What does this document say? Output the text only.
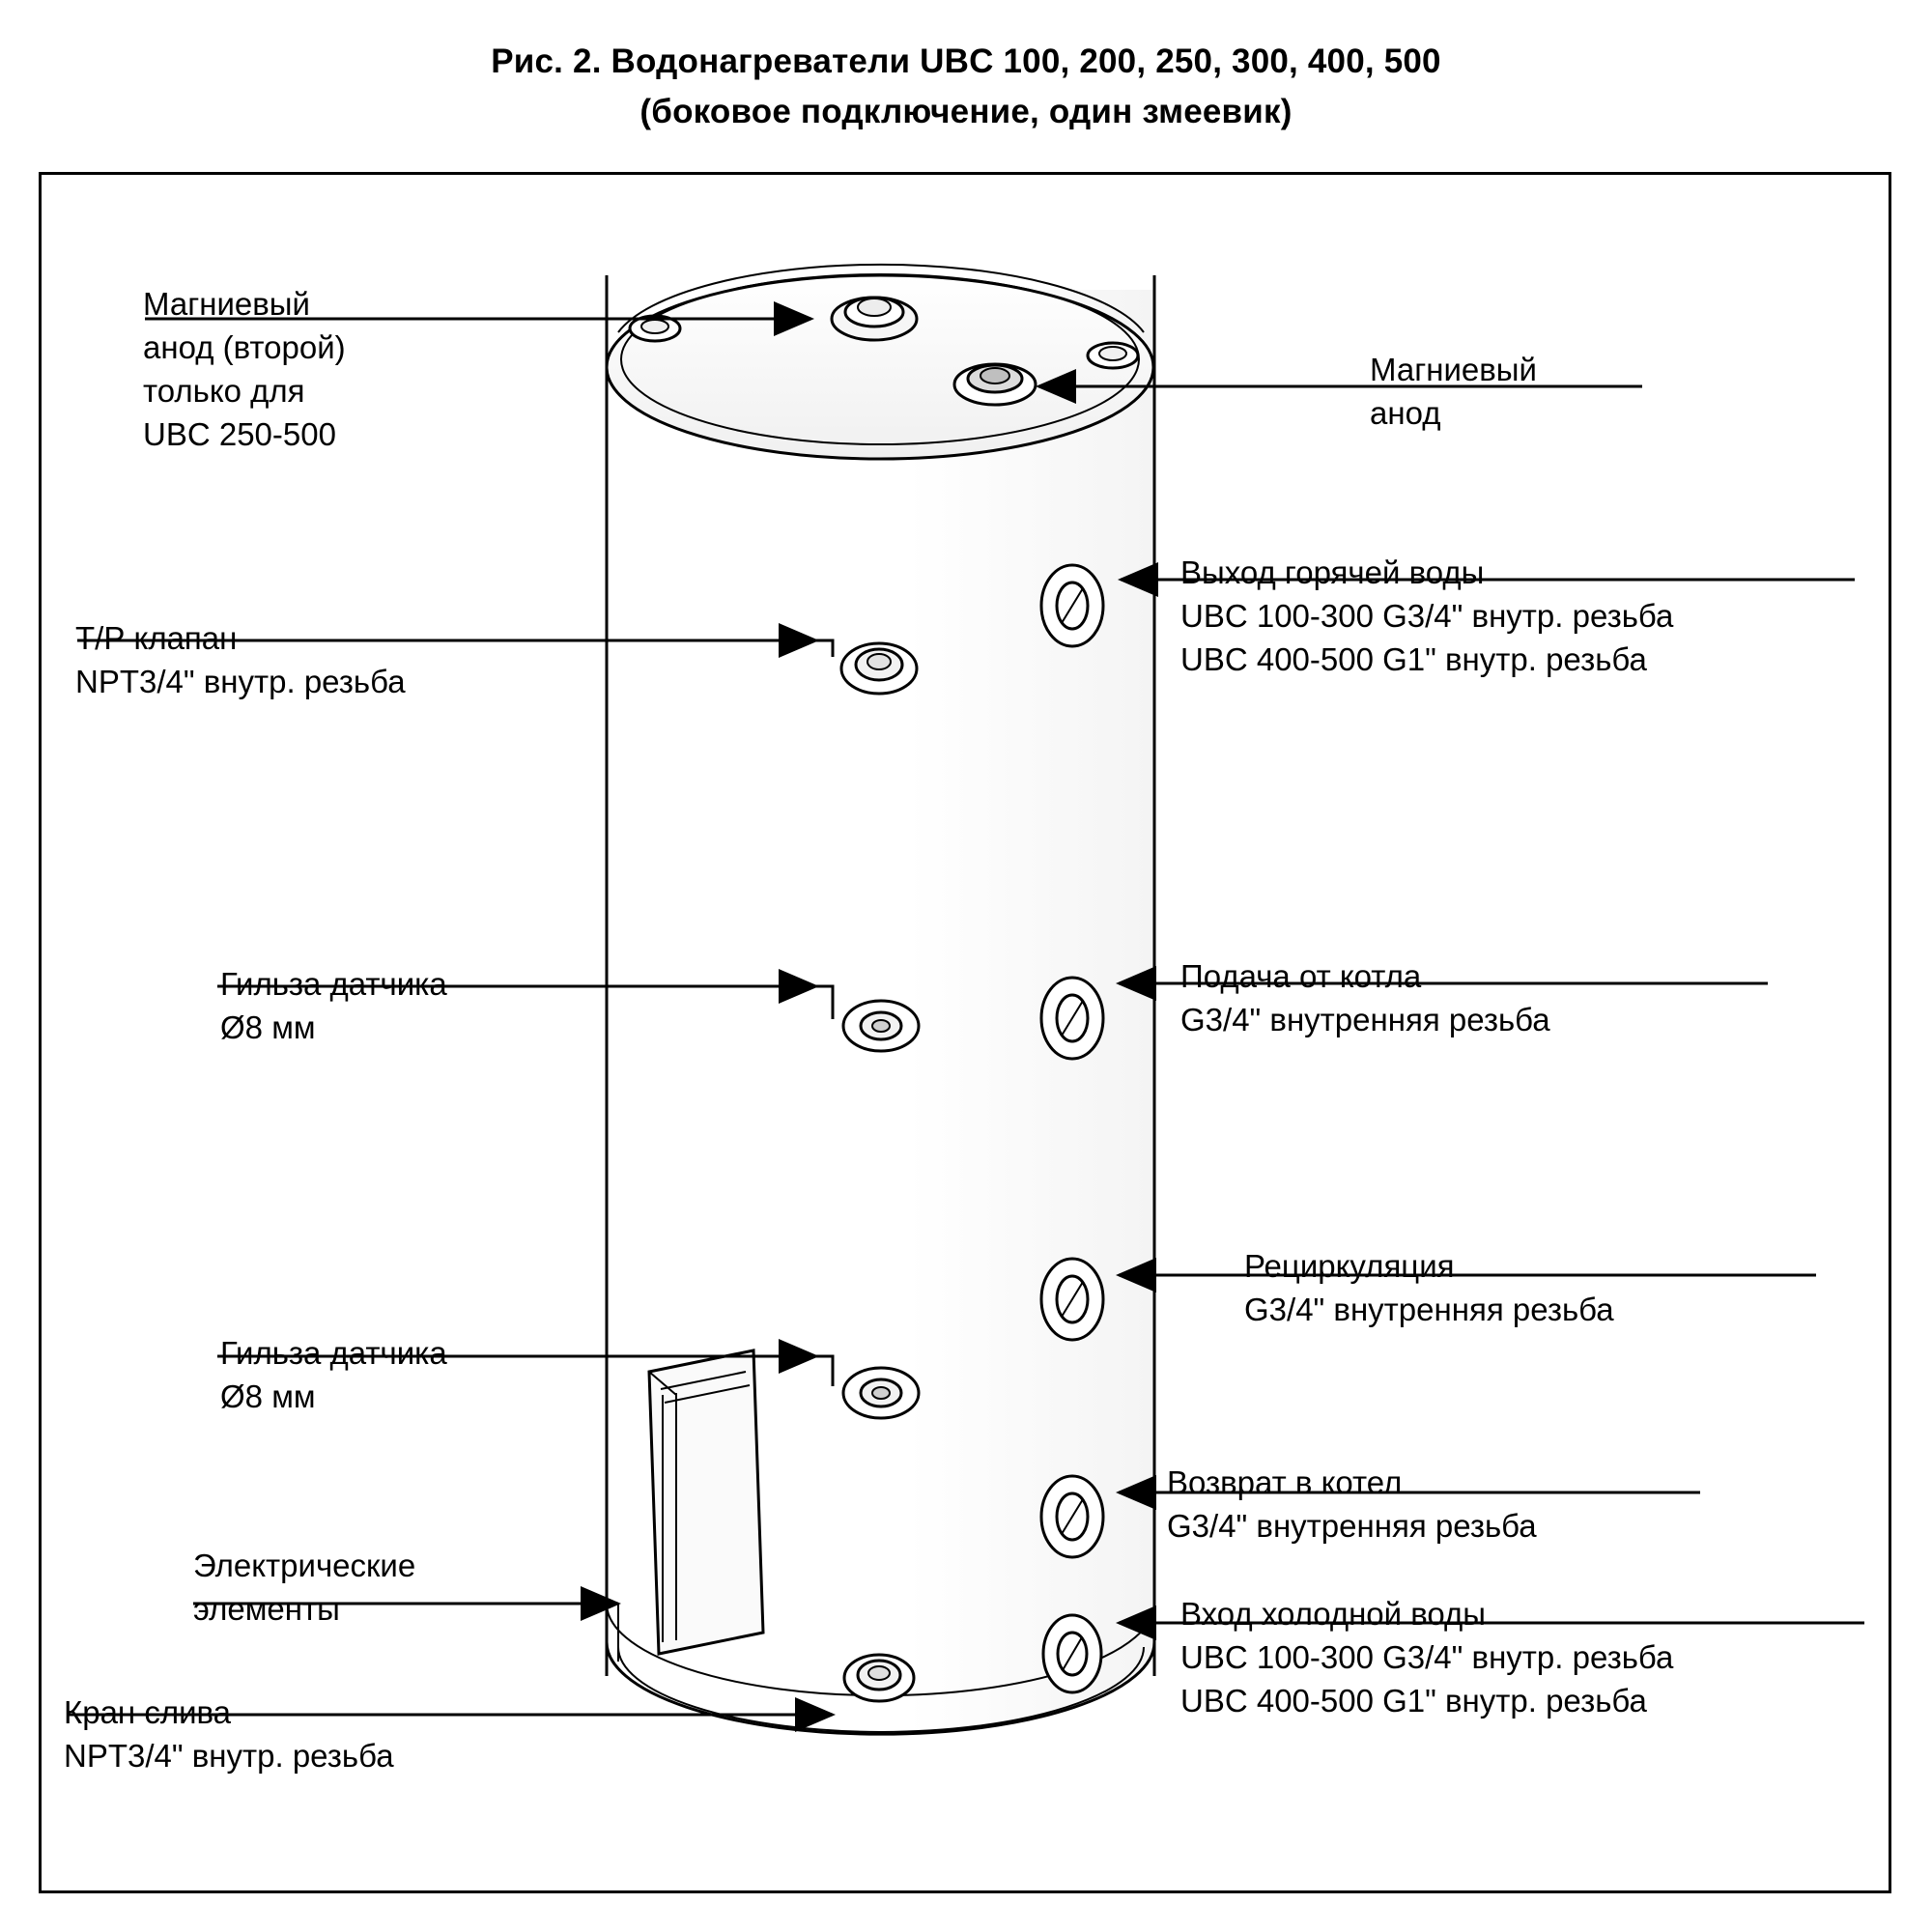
Рис. 2. Водонагреватели UBC 100, 200, 250, 300, 400, 500
(боковое подключение, один змеевик)
Магниевый
анод (второй)
только для
UBC 250-500
Магниевый
анод
Т/Р клапан
NPT3/4" внутр. резьба
Выход горячей воды
UBC 100-300 G3/4" внутр. резьба
UBC 400-500 G1" внутр. резьба
Гильза датчика
Ø8 мм
Подача от котла
G3/4" внутренняя резьба
Рециркуляция
G3/4" внутренняя резьба
Гильза датчика
Ø8 мм
Возврат в котел
G3/4" внутренняя резьба
Электрические
элементы	Вход холодной воды
UBC 100-300 G3/4" внутр. резьба
UBC 400-500 G1" внутр. резьба
Кран слива
NPT3/4" внутр. резьба
